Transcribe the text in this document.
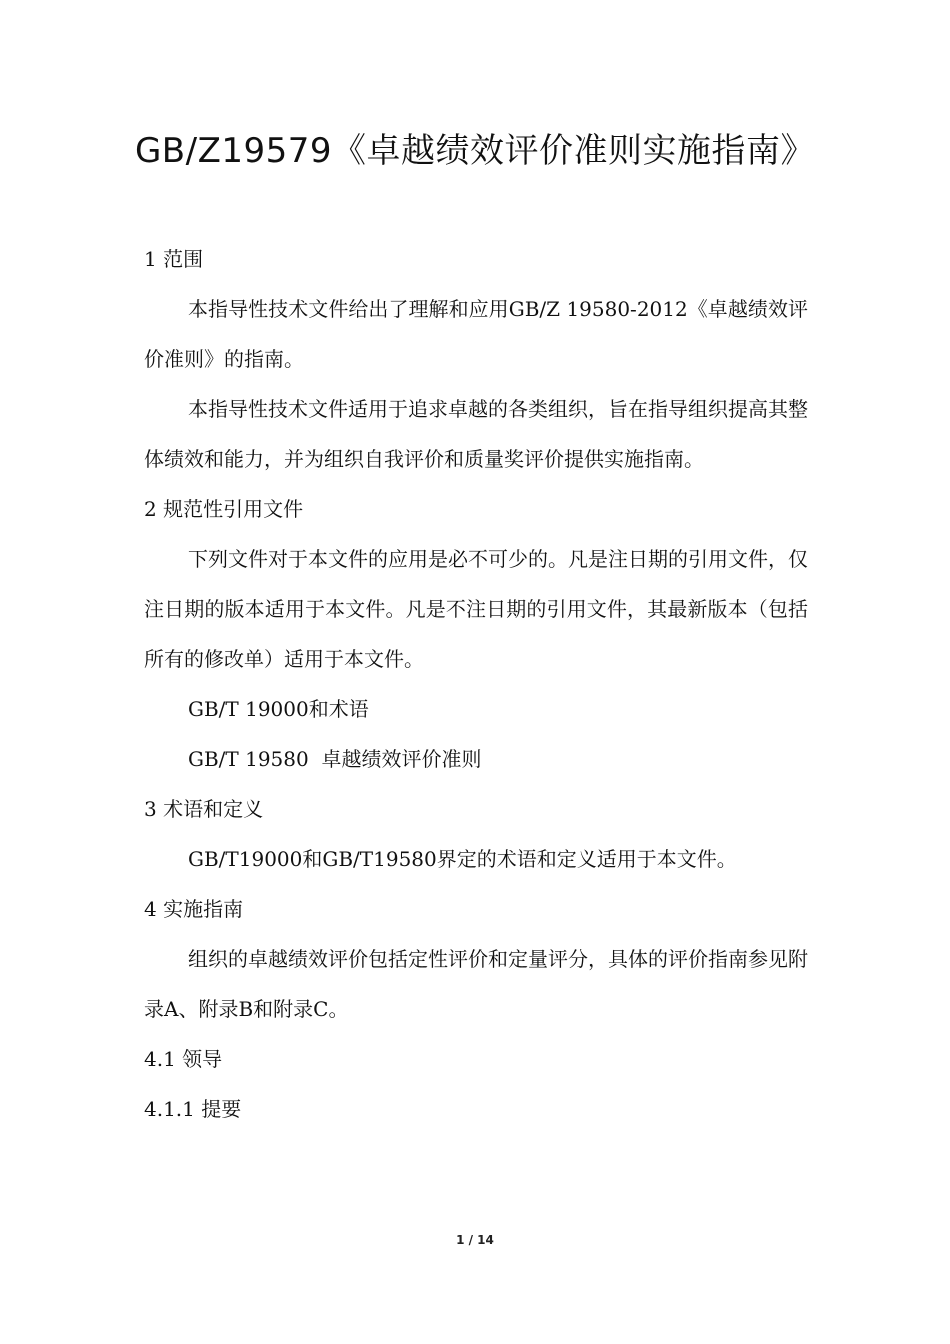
GB/Z19579《卓越绩效评价准则实施指南》

1 范围

本指导性技术文件给出了理解和应用GB/Z 19580-2012《卓越绩效评价准则》的指南。

本指导性技术文件适用于追求卓越的各类组织，旨在指导组织提高其整体绩效和能力，并为组织自我评价和质量奖评价提供实施指南。

2 规范性引用文件

下列文件对于本文件的应用是必不可少的。凡是注日期的引用文件，仅注日期的版本适用于本文件。凡是不注日期的引用文件，其最新版本（包括所有的修改单）适用于本文件。

GB/T 19000和术语

GB/T 19580  卓越绩效评价准则

3 术语和定义

GB/T19000和GB/T19580界定的术语和定义适用于本文件。

4 实施指南

组织的卓越绩效评价包括定性评价和定量评分，具体的评价指南参见附录A、附录B和附录C。

4.1 领导

4.1.1 提要

1 / 14
